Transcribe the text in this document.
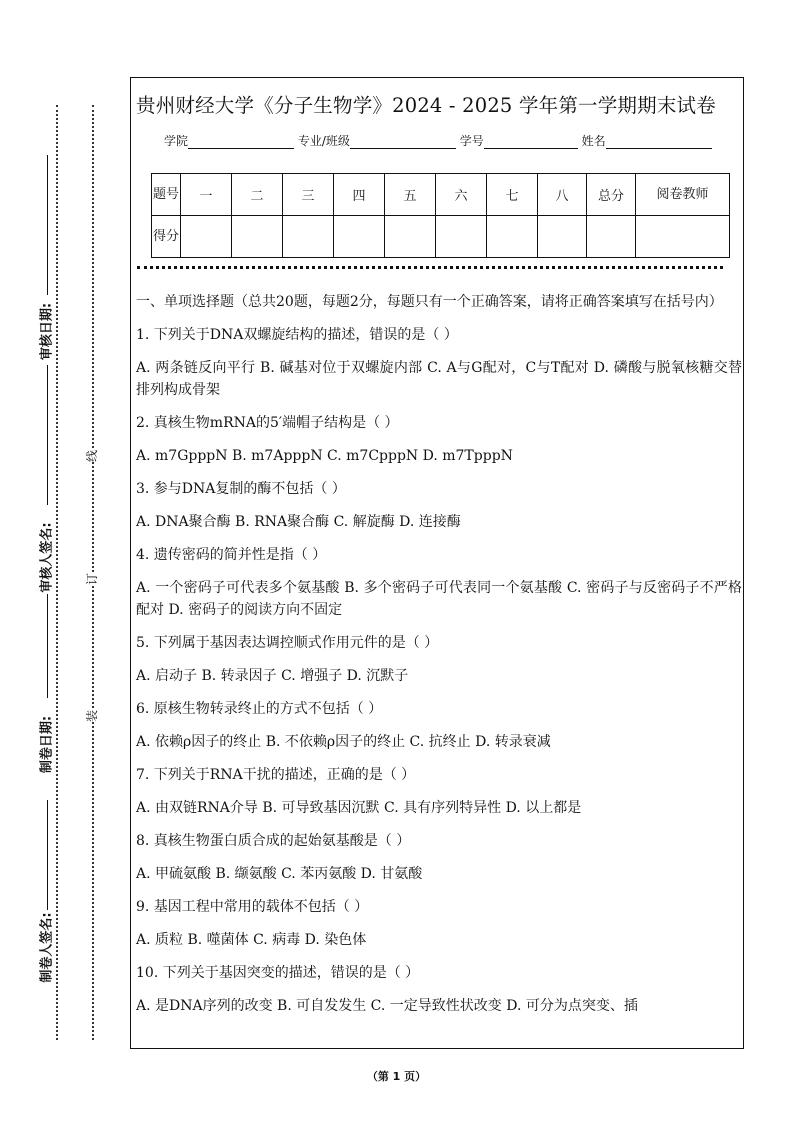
审核日期:
审核人签名:
制卷日期:
制卷人签名:
线
订
装
贵州财经大学《分子生物学》2024 - 2025 学年第一学期期末试卷
学院	专业/班级	学号	姓名
题号	一	二	三	四	五	六	七	八	总分	阅卷教师
得分										

一、单项选择题（总共20题，每题2分，每题只有一个正确答案，请将正确答案填写在括号内）

1. 下列关于DNA双螺旋结构的描述，错误的是（ ）

A. 两条链反向平行 B. 碱基对位于双螺旋内部 C. A与G配对，C与T配对 D. 磷酸与脱氧核糖交替排列构成骨架

2. 真核生物mRNA的5′端帽子结构是（ ）

A. m7GpppN B. m7ApppN C. m7CpppN D. m7TpppN

3. 参与DNA复制的酶不包括（ ）

A. DNA聚合酶 B. RNA聚合酶 C. 解旋酶 D. 连接酶

4. 遗传密码的简并性是指（ ）

A. 一个密码子可代表多个氨基酸 B. 多个密码子可代表同一个氨基酸 C. 密码子与反密码子不严格配对 D. 密码子的阅读方向不固定

5. 下列属于基因表达调控顺式作用元件的是（ ）

A. 启动子 B. 转录因子 C. 增强子 D. 沉默子

6. 原核生物转录终止的方式不包括（ ）

A. 依赖ρ因子的终止 B. 不依赖ρ因子的终止 C. 抗终止 D. 转录衰减

7. 下列关于RNA干扰的描述，正确的是（ ）

A. 由双链RNA介导 B. 可导致基因沉默 C. 具有序列特异性 D. 以上都是

8. 真核生物蛋白质合成的起始氨基酸是（ ）

A. 甲硫氨酸 B. 缬氨酸 C. 苯丙氨酸 D. 甘氨酸

9. 基因工程中常用的载体不包括（ ）

A. 质粒 B. 噬菌体 C. 病毒 D. 染色体

10. 下列关于基因突变的描述，错误的是（ ）

A. 是DNA序列的改变 B. 可自发发生 C. 一定导致性状改变 D. 可分为点突变、插

（第 1 页）
